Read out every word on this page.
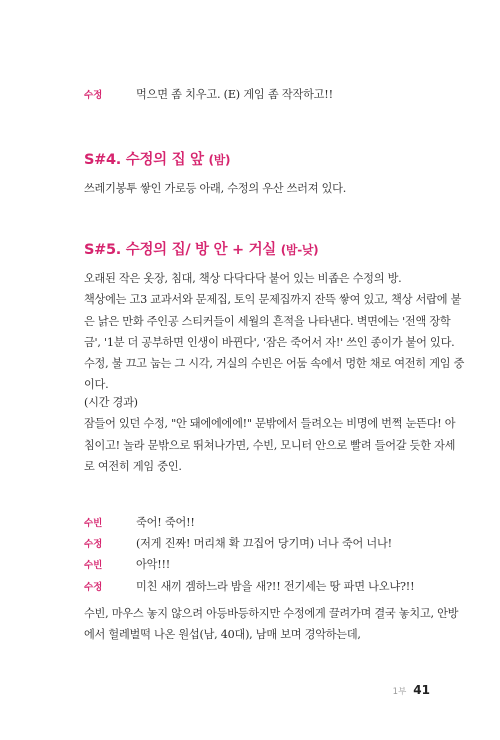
수정	먹으면 좀 치우고. (E) 게임 좀 작작하고!!
S#4. 수정의 집 앞 (밤)
쓰레기봉투 쌓인 가로등 아래, 수정의 우산 쓰러져 있다.
S#5. 수정의 집/ 방 안 + 거실 (밤-낮)
오래된 작은 옷장, 침대, 책상 다닥다닥 붙어 있는 비좁은 수정의 방.
책상에는 고3 교과서와 문제집, 토익 문제집까지 잔뜩 쌓여 있고, 책상 서랍에 붙
은 낡은 만화 주인공 스티커들이 세월의 흔적을 나타낸다. 벽면에는 '전액 장학
금', '1분 더 공부하면 인생이 바뀐다', '잠은 죽어서 자!' 쓰인 종이가 붙어 있다.
수정, 불 끄고 눕는 그 시각, 거실의 수빈은 어둠 속에서 멍한 채로 여전히 게임 중
이다.
(시간 경과)
잠들어 있던 수정, "안 돼에에에에!" 문밖에서 들려오는 비명에 번쩍 눈뜬다! 아
침이고! 놀라 문밖으로 뛰쳐나가면, 수빈, 모니터 안으로 빨려 들어갈 듯한 자세
로 여전히 게임 중인.
수빈	죽어! 죽어!!
수정	(저게 진짜! 머리채 확 끄집어 당기며) 너나 죽어 너나!
수빈	아악!!!
수정	미친 새끼 겜하느라 밤을 새?!! 전기세는 땅 파면 나오냐?!!
수빈, 마우스 놓지 않으려 아등바등하지만 수정에게 끌려가며 결국 놓치고, 안방
에서 헐레벌떡 나온 원섭(남, 40대), 남매 보며 경악하는데,
1부 41
